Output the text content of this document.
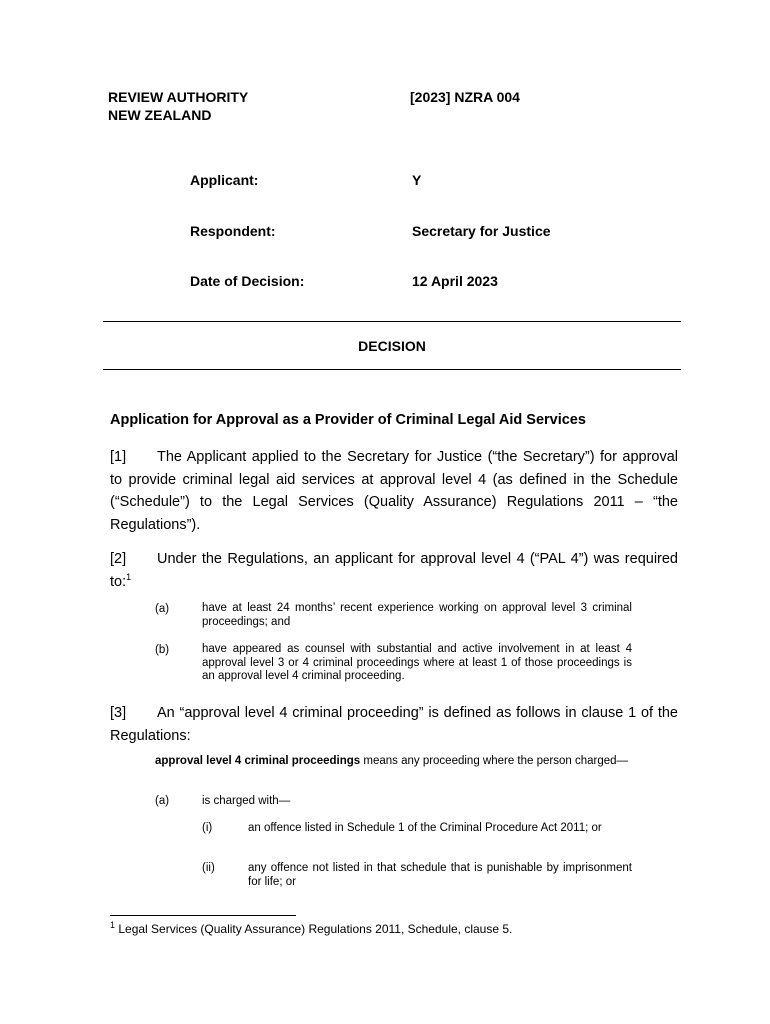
REVIEW AUTHORITY
NEW ZEALAND
[2023] NZRA 004
Applicant:	Y
Respondent:	Secretary for Justice
Date of Decision:	12 April 2023
DECISION
Application for Approval as a Provider of Criminal Legal Aid Services
[1] The Applicant applied to the Secretary for Justice (“the Secretary”) for approval to provide criminal legal aid services at approval level 4 (as defined in the Schedule (“Schedule”) to the Legal Services (Quality Assurance) Regulations 2011 – “the Regulations”).
[2] Under the Regulations, an applicant for approval level 4 (“PAL 4”) was required to:$^1$
(a)	have at least 24 months’ recent experience working on approval level 3 criminal proceedings; and
(b)	have appeared as counsel with substantial and active involvement in at least 4 approval level 3 or 4 criminal proceedings where at least 1 of those proceedings is an approval level 4 criminal proceeding.
[3] An “approval level 4 criminal proceeding” is defined as follows in clause 1 of the Regulations:
approval level 4 criminal proceedings means any proceeding where the person charged—
(a)	is charged with—
(i)	an offence listed in Schedule 1 of the Criminal Procedure Act 2011; or
(ii)	any offence not listed in that schedule that is punishable by imprisonment for life; or
$^1$ Legal Services (Quality Assurance) Regulations 2011, Schedule, clause 5.
